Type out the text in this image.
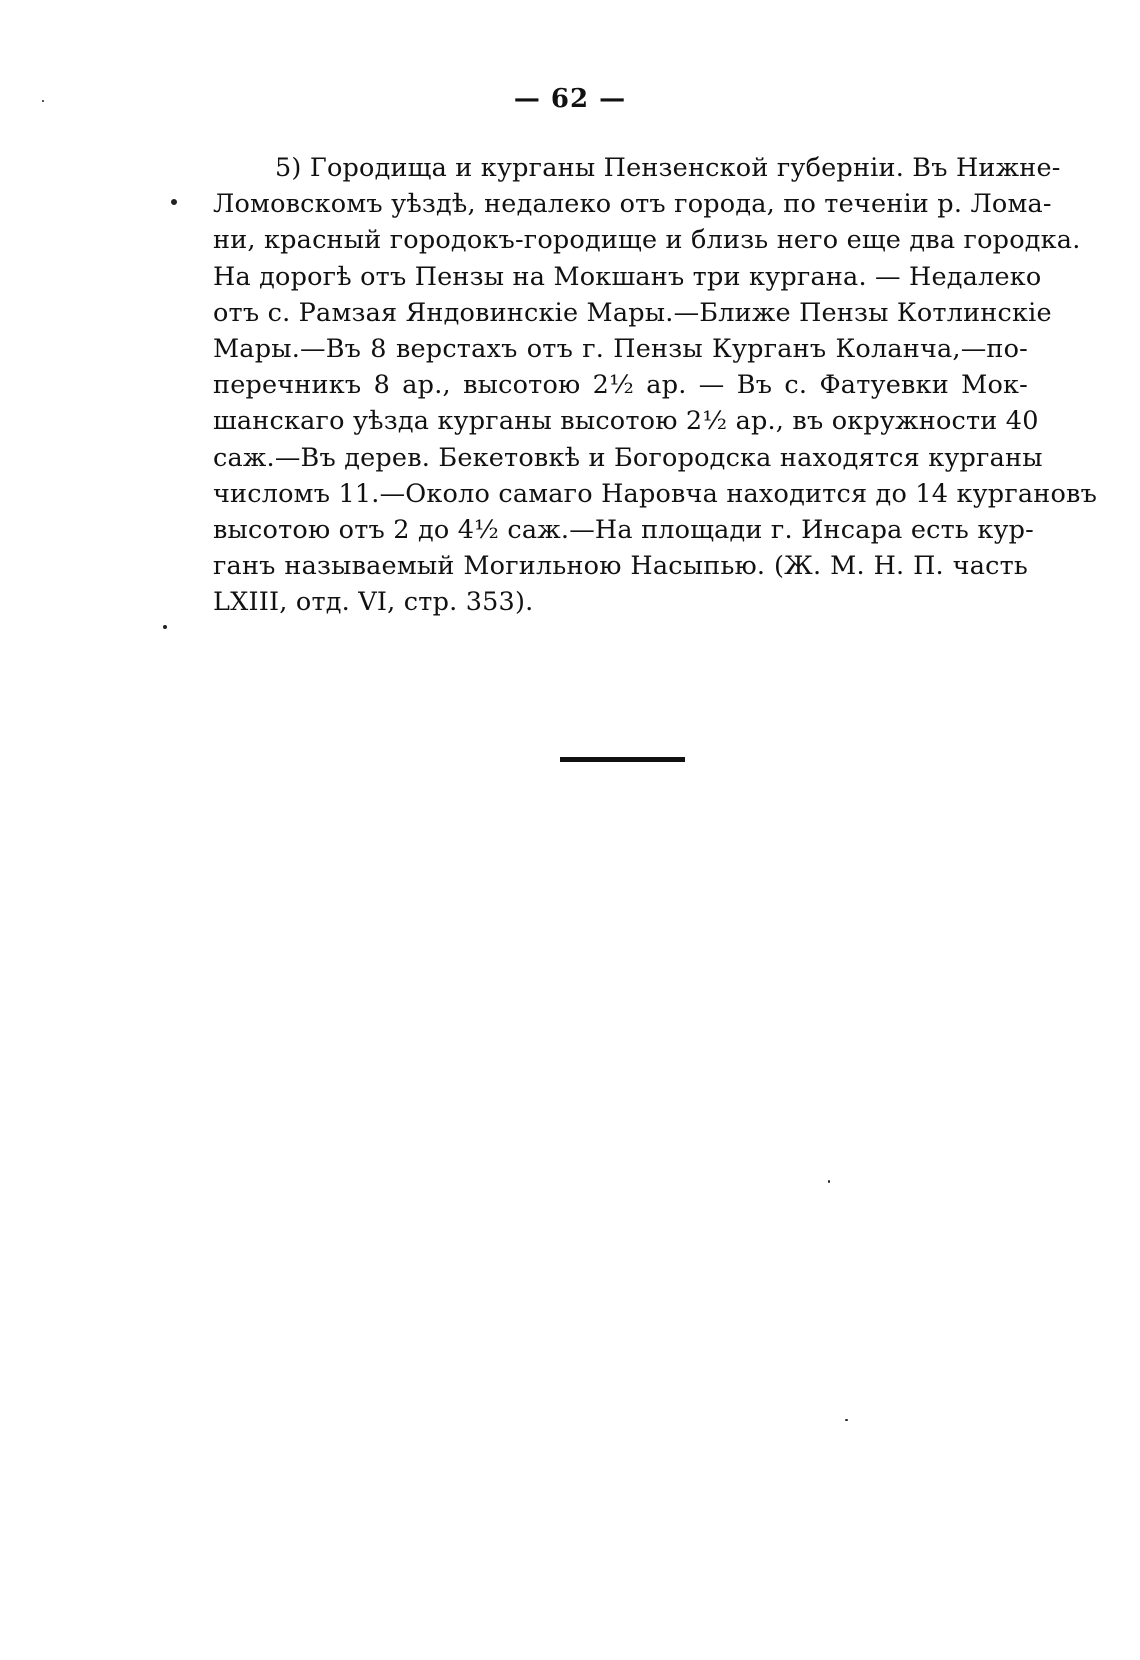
— 62 —
5) Городища и курганы Пензенской губерніи. Въ Нижне-
Ломовскомъ уѣздѣ, недалеко отъ города, по теченіи р. Лома-
ни, красный городокъ-городище и близь него еще два городка.
На дорогѣ отъ Пензы на Мокшанъ три кургана. — Недалеко
отъ с. Рамзая Яндовинскіе Мары.—Ближе Пензы Котлинскіе
Мары.—Въ 8 верстахъ отъ г. Пензы Курганъ Коланча,—по-
перечникъ 8 ар., высотою 2½ ар. — Въ с. Фатуевки Мок-
шанскаго уѣзда курганы высотою 2½ ар., въ окружности 40
саж.—Въ дерев. Бекетовкѣ и Богородска находятся курганы
числомъ 11.—Около самаго Наровча находится до 14 кургановъ
высотою отъ 2 до 4½ саж.—На площади г. Инсара есть кур-
ганъ называемый Могильною Насыпью. (Ж. М. Н. П. часть
LXIII, отд. VI, стр. 353).
